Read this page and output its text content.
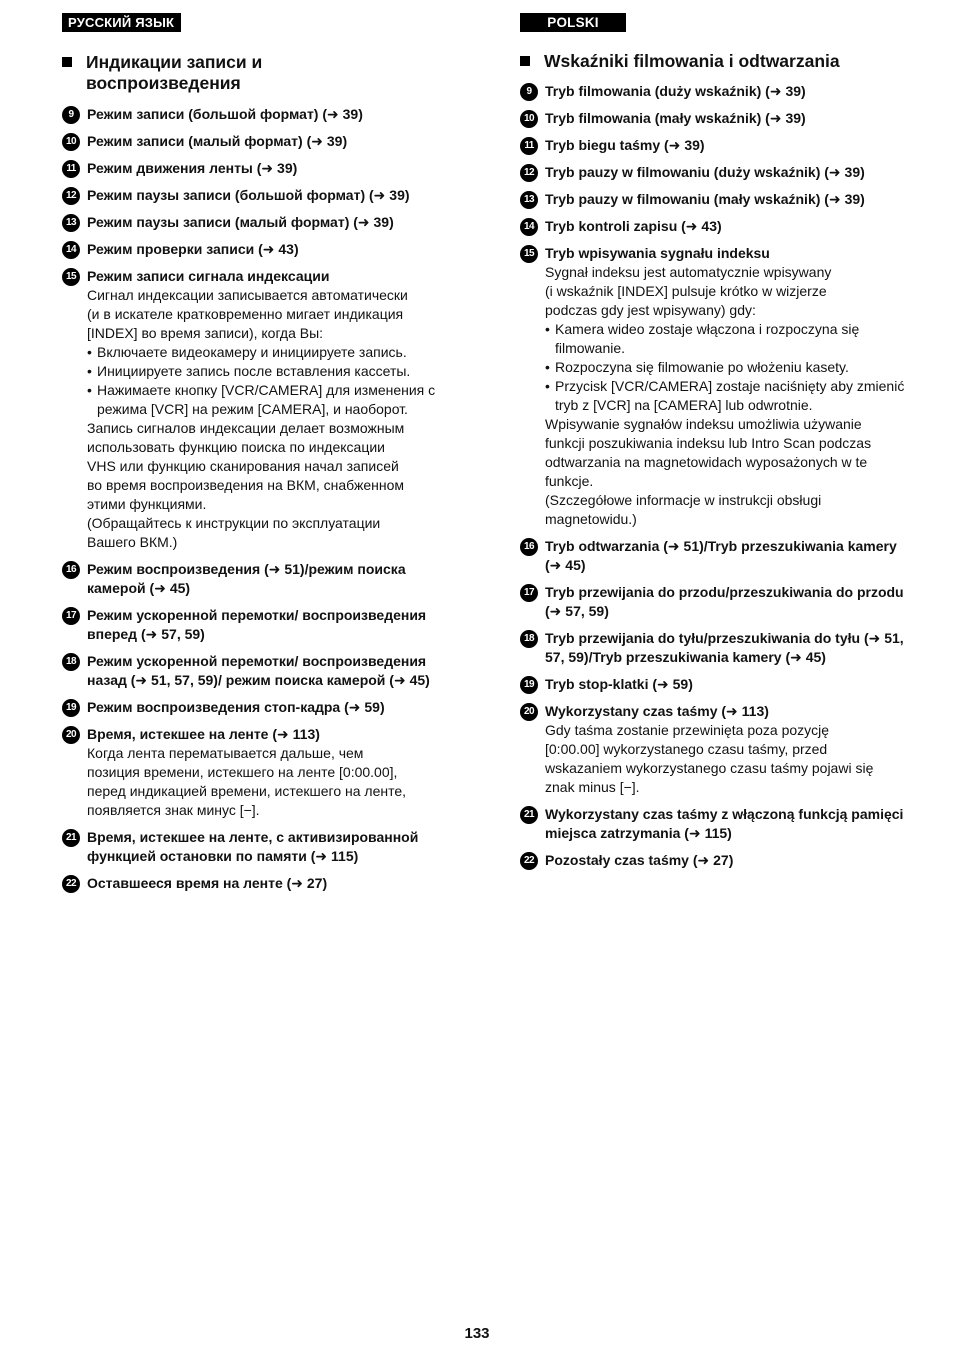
РУССКИЙ ЯЗЫК
Индикации записи и
воспроизведения
9 Режим записи (большой формат) (➜ 39)
10 Режим записи (малый формат) (➜ 39)
11 Режим движения ленты (➜ 39)
12 Режим паузы записи (большой формат) (➜ 39)
13 Режим паузы записи (малый формат) (➜ 39)
14 Режим проверки записи (➜ 43)
15 Режим записи сигнала индексации
Сигнал индексации записывается автоматически
(и в искателе кратковременно мигает индикация
[INDEX] во время записи), когда Вы:
• Включаете видеокамеру и инициируете запись.
• Инициируете запись после вставления кассеты.
• Нажимаете кнопку [VCR/CAMERA] для изменения с режима [VCR] на режим [CAMERA], и наоборот.
Запись сигналов индексации делает возможным
использовать функцию поиска по индексации
VHS или функцию сканирования начал записей
во время воспроизведения на ВКМ, снабженном
этими функциями.
(Обращайтесь к инструкции по эксплуатации
Вашего ВКМ.)
16 Режим воспроизведения (➜ 51)/режим поиска камерой (➜ 45)
17 Режим ускоренной перемотки/ воспроизведения вперед (➜ 57, 59)
18 Режим ускоренной перемотки/ воспроизведения назад (➜ 51, 57, 59)/ режим поиска камерой (➜ 45)
19 Режим воспроизведения стоп-кадра (➜ 59)
20 Время, истекшее на ленте (➜ 113)
Когда лента перематывается дальше, чем
позиция времени, истекшего на ленте [0:00.00],
перед индикацией времени, истекшего на ленте,
появляется знак минус [−].
21 Время, истекшее на ленте, с активизированной функцией остановки по памяти (➜ 115)
22 Оставшееся время на ленте (➜ 27)
POLSKI
Wskaźniki filmowania i odtwarzania
9 Tryb filmowania (duży wskaźnik) (➜ 39)
10 Tryb filmowania (mały wskaźnik) (➜ 39)
11 Tryb biegu taśmy (➜ 39)
12 Tryb pauzy w filmowaniu (duży wskaźnik) (➜ 39)
13 Tryb pauzy w filmowaniu (mały wskaźnik) (➜ 39)
14 Tryb kontroli zapisu (➜ 43)
15 Tryb wpisywania sygnału indeksu
Sygnał indeksu jest automatycznie wpisywany
(i wskaźnik [INDEX] pulsuje krótko w wizjerze
podczas gdy jest wpisywany) gdy:
• Kamera wideo zostaje włączona i rozpoczyna się filmowanie.
• Rozpoczyna się filmowanie po włożeniu kasety.
• Przycisk [VCR/CAMERA] zostaje naciśnięty aby zmienić tryb z [VCR] na [CAMERA] lub odwrotnie.
Wpisywanie sygnałów indeksu umożliwia używanie
funkcji poszukiwania indeksu lub Intro Scan podczas
odtwarzania na magnetowidach wyposażonych w te
funkcje.
(Szczegółowe informacje w instrukcji obsługi
magnetowidu.)
16 Tryb odtwarzania (➜ 51)/Tryb przeszukiwania kamery (➜ 45)
17 Tryb przewijania do przodu/przeszukiwania do przodu (➜ 57, 59)
18 Tryb przewijania do tyłu/przeszukiwania do tyłu (➜ 51, 57, 59)/Tryb przeszukiwania kamery (➜ 45)
19 Tryb stop-klatki (➜ 59)
20 Wykorzystany czas taśmy (➜ 113)
Gdy taśma zostanie przewinięta poza pozycję
[0:00.00] wykorzystanego czasu taśmy, przed
wskazaniem wykorzystanego czasu taśmy pojawi się
znak minus [−].
21 Wykorzystany czas taśmy z włączoną funkcją pamięci miejsca zatrzymania (➜ 115)
22 Pozostały czas taśmy (➜ 27)
133
